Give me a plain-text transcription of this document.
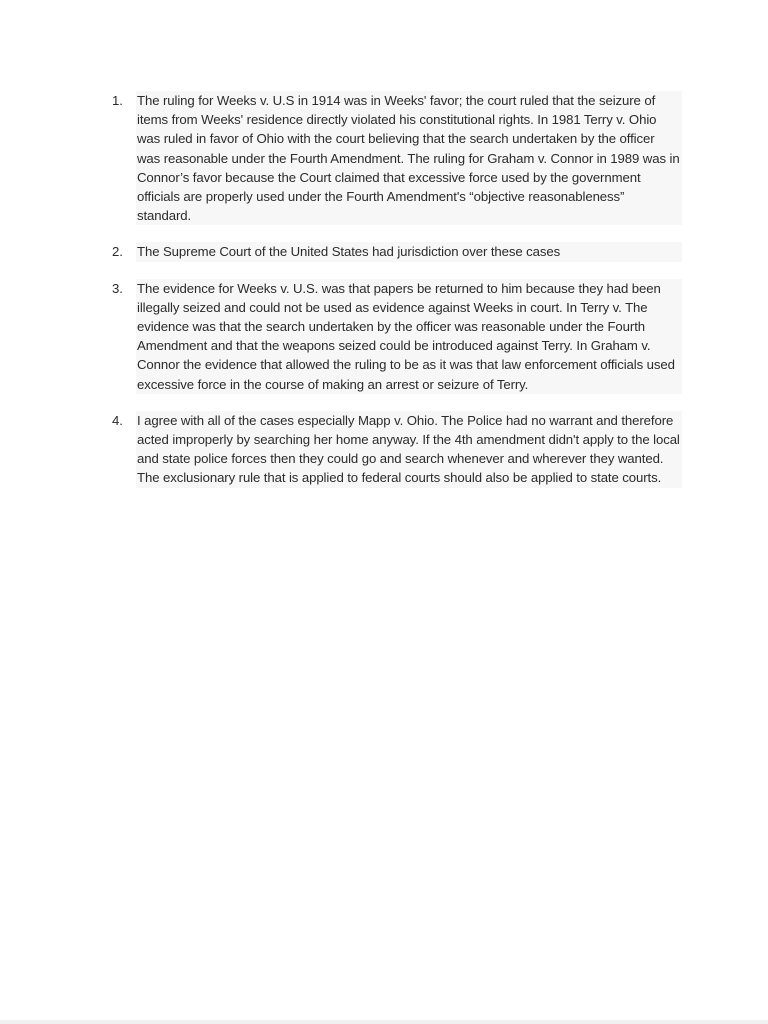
1.	The ruling for Weeks v. U.S in 1914 was in Weeks' favor; the court ruled that the seizure of items from Weeks' residence directly violated his constitutional rights. In 1981 Terry v. Ohio was ruled in favor of Ohio with the court believing that the search undertaken by the officer was reasonable under the Fourth Amendment. The ruling for Graham v. Connor in 1989 was in Connor’s favor because the Court claimed that excessive force used by the government officials are properly used under the Fourth Amendment's “objective reasonableness” standard.
2.	The Supreme Court of the United States had jurisdiction over these cases
3.	The evidence for Weeks v. U.S. was that papers be returned to him because they had been illegally seized and could not be used as evidence against Weeks in court. In Terry v. The evidence was that the search undertaken by the officer was reasonable under the Fourth Amendment and that the weapons seized could be introduced against Terry. In Graham v. Connor the evidence that allowed the ruling to be as it was that law enforcement officials used excessive force in the course of making an arrest or seizure of Terry.
4.	I agree with all of the cases especially Mapp v. Ohio. The Police had no warrant and therefore acted improperly by searching her home anyway. If the 4th amendment didn't apply to the local and state police forces then they could go and search whenever and wherever they wanted. The exclusionary rule that is applied to federal courts should also be applied to state courts.
